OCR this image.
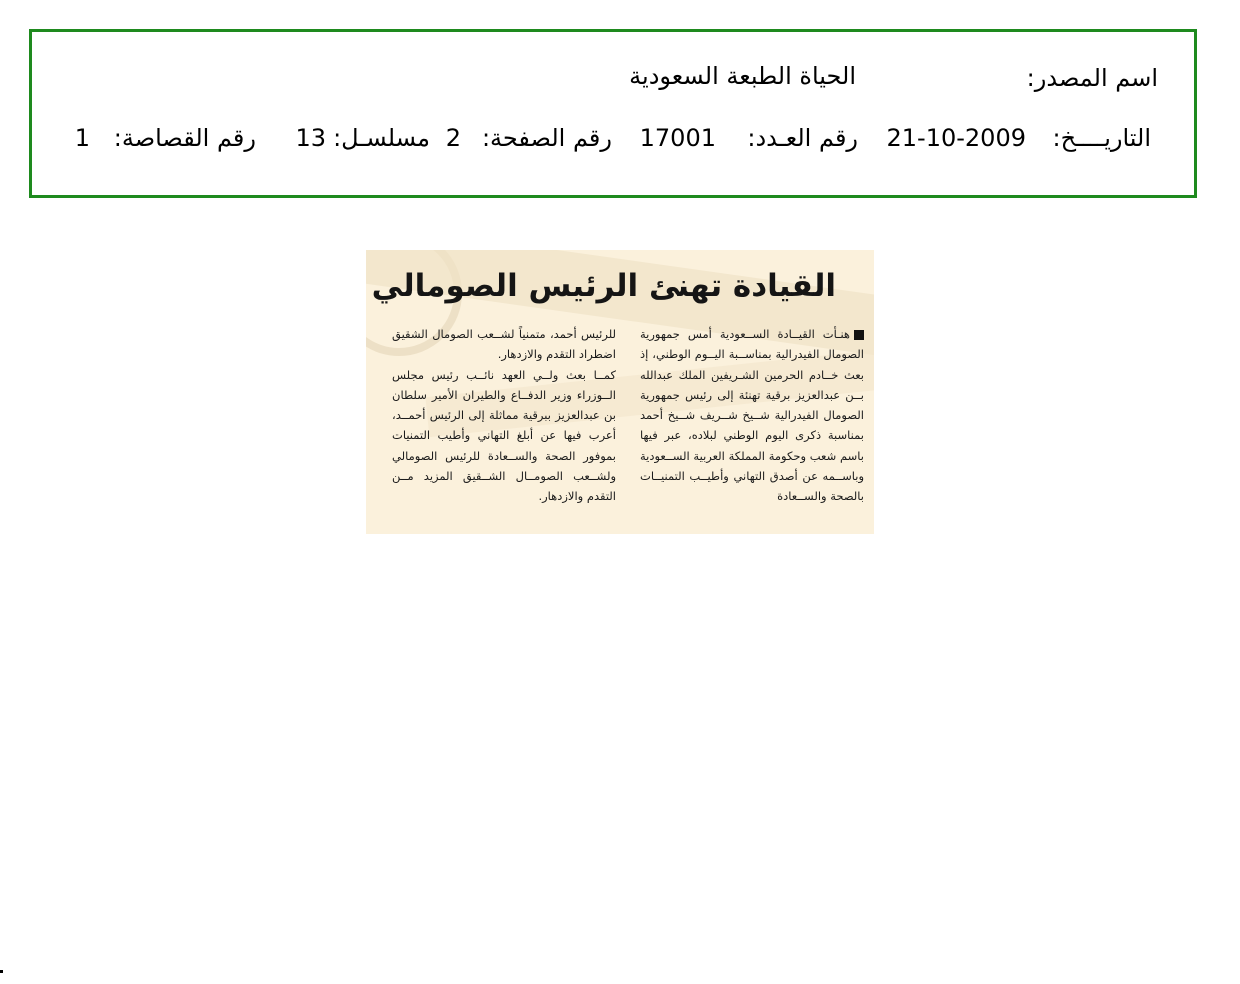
اسم المصدر:
الحياة الطبعة السعودية
التاريــــخ:
21-10-2009
رقم العـدد:
17001
رقم الصفحة:
2
مسلسـل:
13
رقم القصاصة:
1
القيادة تهنئ الرئيس الصومالي

هنـأت القيــادة الســعودية أمس جمهورية الصومال الفيدرالية بمناســبة اليــوم الوطني، إذ بعث خــادم الحرمين الشـريفين الملك عبدالله بــن عبدالعزيز برقية تهنئة إلى رئيس جمهورية الصومال الفيدرالية شــيخ شــريف شــيخ أحمد بمناسبة ذكرى اليوم الوطني لبلاده، عبر فيها باسم شعب وحكومة المملكة العربية الســعودية وباســمه عن أصدق التهاني وأطيــب التمنيــات بالصحة والســعادة

للرئيس أحمد، متمنياً لشــعب الصومال الشقيق اضطراد التقدم والازدهار.

كمــا بعث ولــي العهد نائــب رئيس مجلس الــوزراء وزير الدفــاع والطيران الأمير سلطان بن عبدالعزيز ببرقية مماثلة إلى الرئيس أحمــد، أعرب فيها عن أبلغ التهاني وأطيب التمنيات بموفور الصحة والســعادة للرئيس الصومالي ولشــعب الصومــال الشــقيق المزيد مــن التقدم والازدهار.
